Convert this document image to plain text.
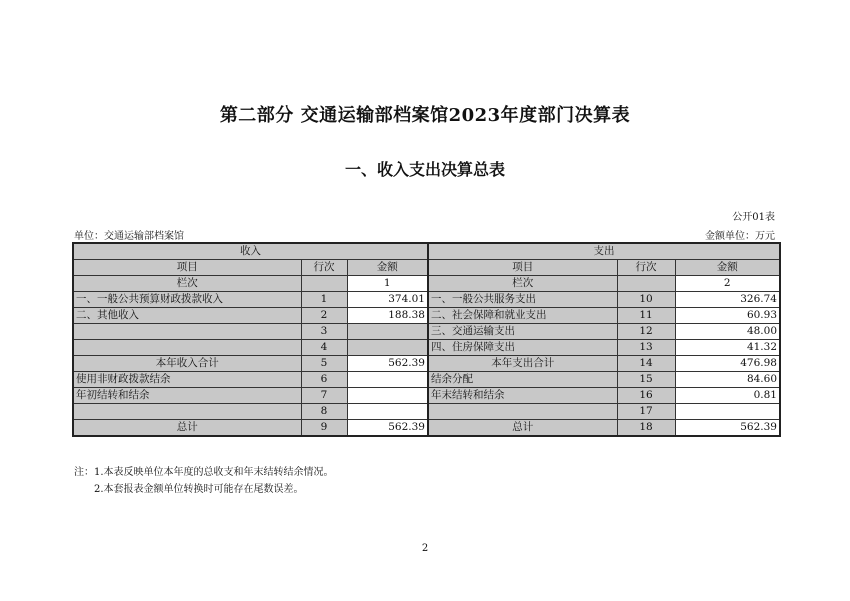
第二部分 交通运输部档案馆2023年度部门决算表
一、收入支出决算总表
公开01表
单位：交通运输部档案馆	金额单位：万元
收入			支出		
项目	行次	金额	项目	行次	金额
栏次		1	栏次		2
一、一般公共预算财政拨款收入	1	374.01	一、一般公共服务支出	10	326.74
二、其他收入	2	188.38	二、社会保障和就业支出	11	60.93
	3		三、交通运输支出	12	48.00
	4		四、住房保障支出	13	41.32
本年收入合计	5	562.39	本年支出合计	14	476.98
使用非财政拨款结余	6		结余分配	15	84.60
年初结转和结余	7		年末结转和结余	16	0.81
	8			17	
总计	9	562.39	总计	18	562.39
注：1.本表反映单位本年度的总收支和年末结转结余情况。
2.本套报表金额单位转换时可能存在尾数误差。
2
